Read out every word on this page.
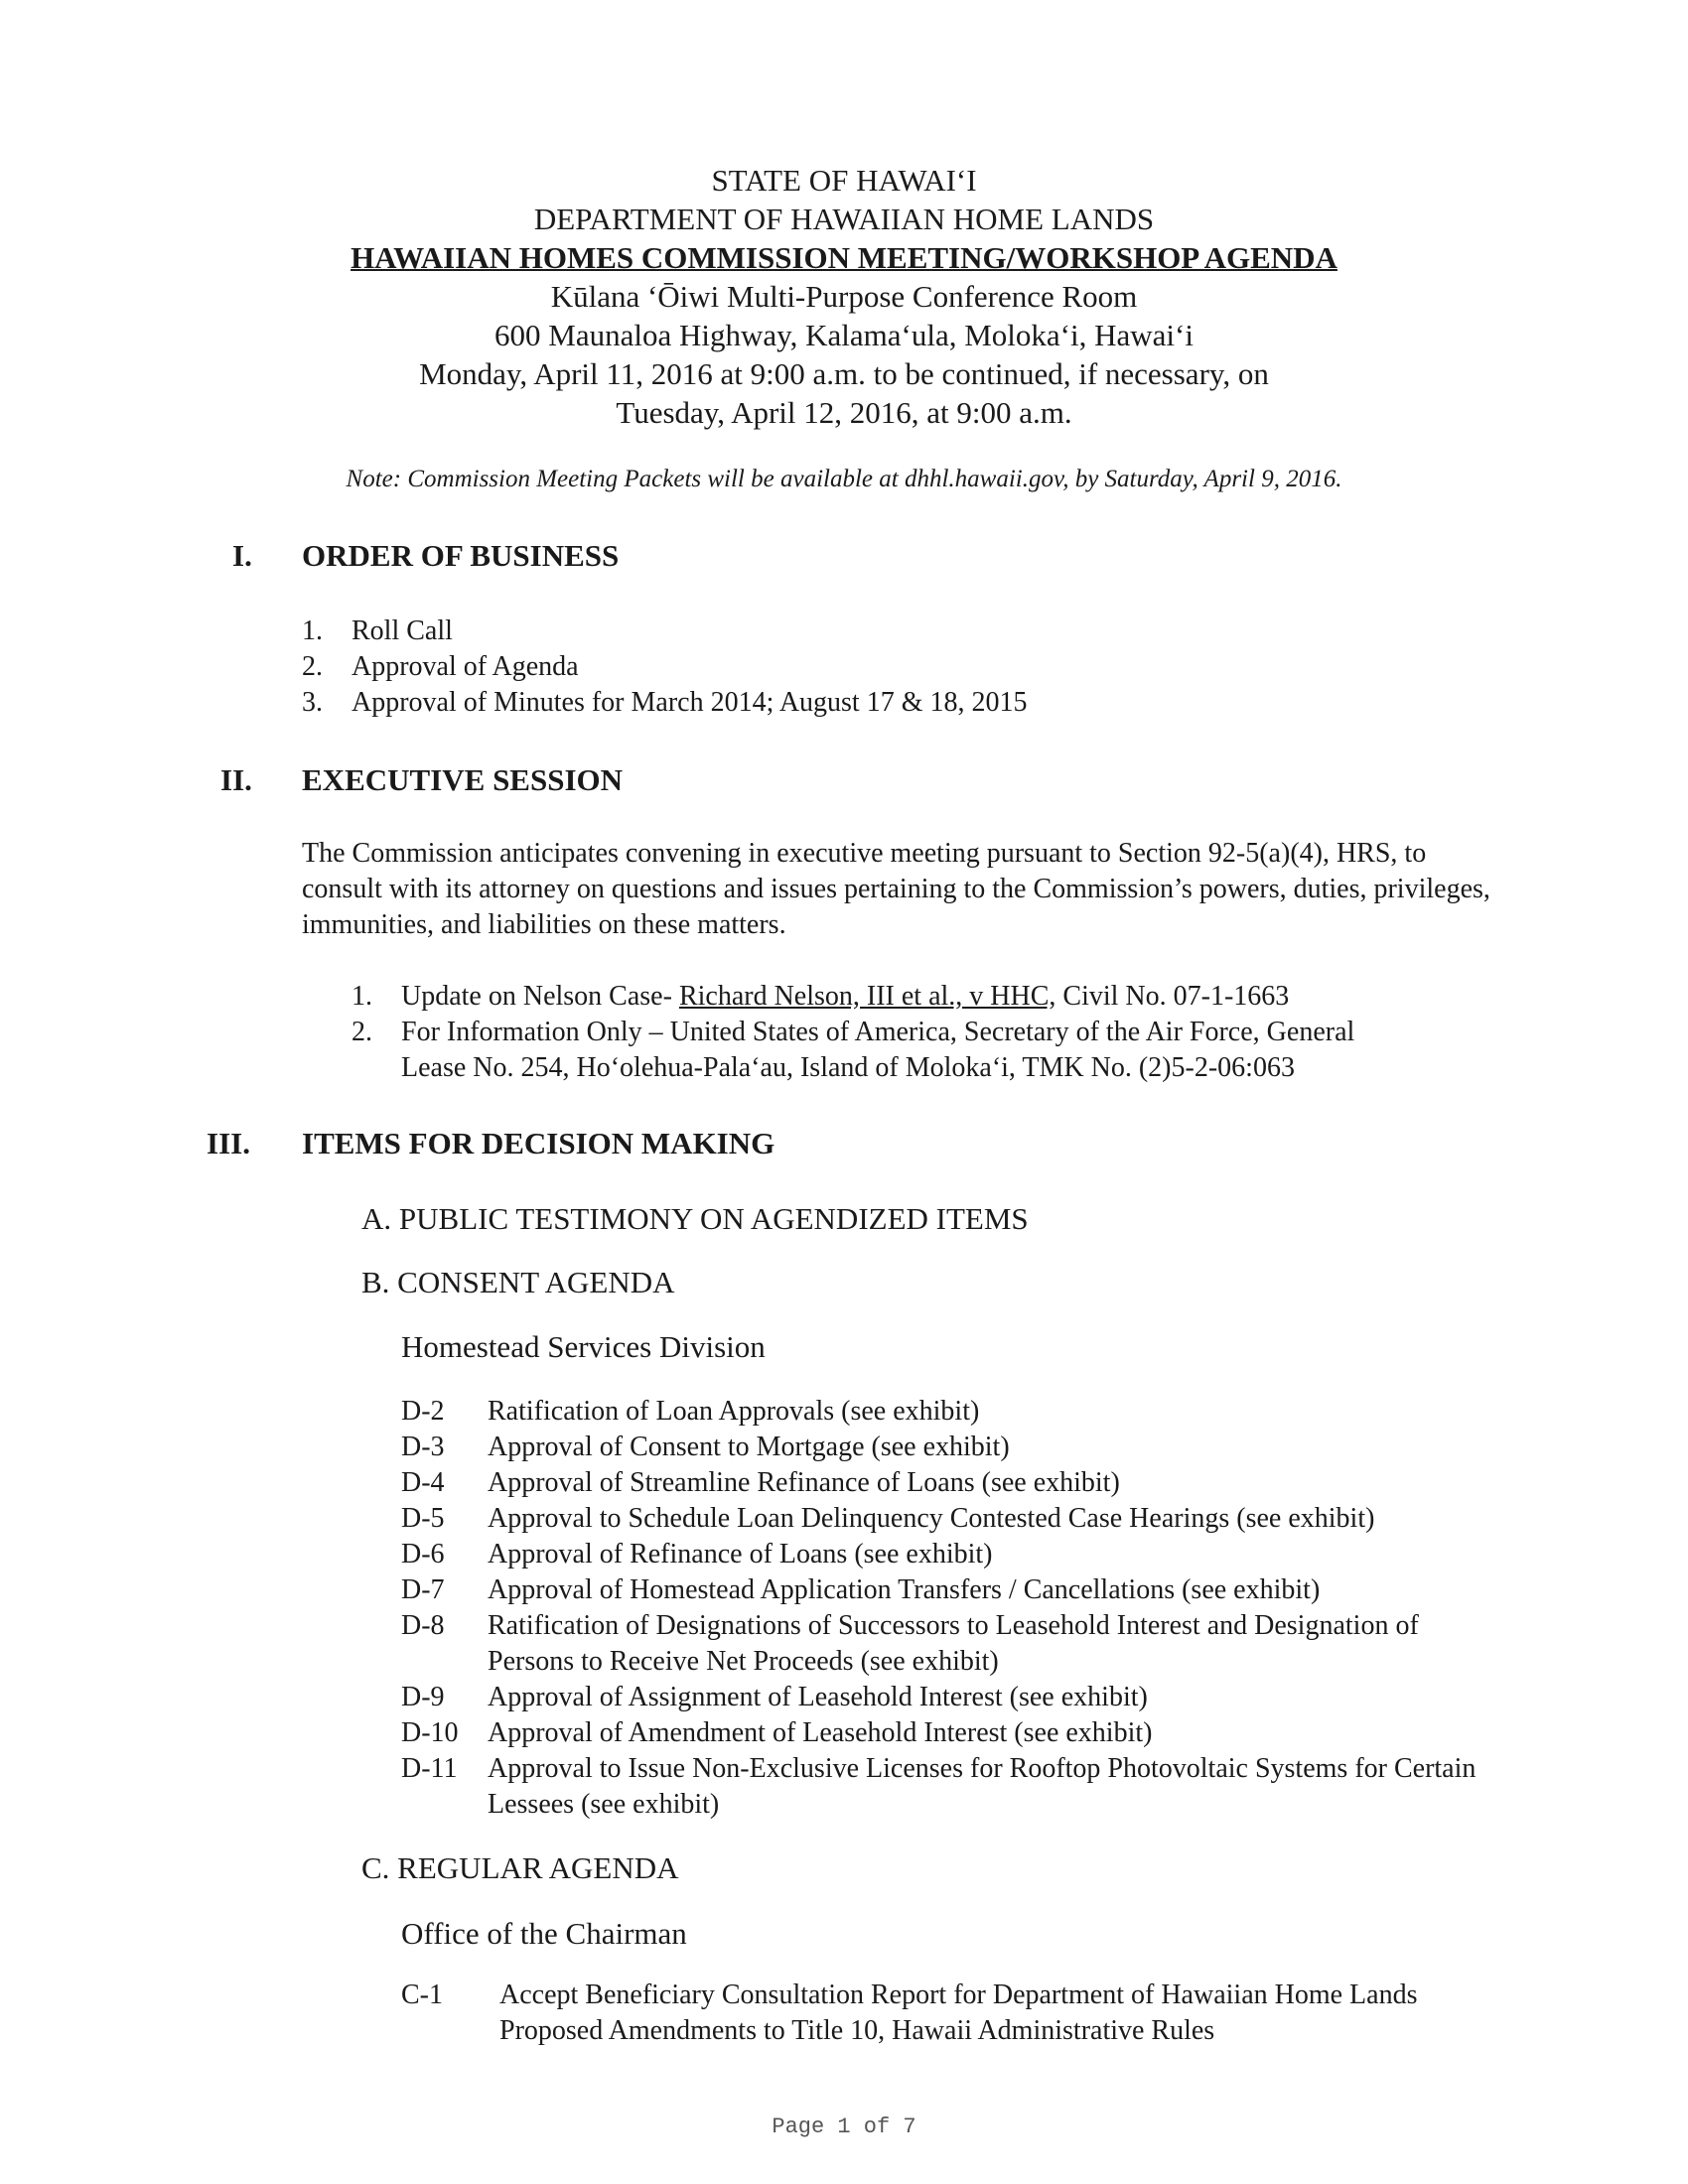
STATE OF HAWAI‘I
DEPARTMENT OF HAWAIIAN HOME LANDS
HAWAIIAN HOMES COMMISSION MEETING/WORKSHOP AGENDA
Kūlana ‘Ōiwi Multi-Purpose Conference Room
600 Maunaloa Highway, Kalama‘ula, Moloka‘i, Hawai‘i
Monday, April 11, 2016 at 9:00 a.m. to be continued, if necessary, on
Tuesday, April 12, 2016, at 9:00 a.m.
Note: Commission Meeting Packets will be available at dhhl.hawaii.gov, by Saturday, April 9, 2016.
I. ORDER OF BUSINESS
1. Roll Call
2. Approval of Agenda
3. Approval of Minutes for March 2014; August 17 & 18, 2015
II. EXECUTIVE SESSION
The Commission anticipates convening in executive meeting pursuant to Section 92-5(a)(4), HRS, to consult with its attorney on questions and issues pertaining to the Commission’s powers, duties, privileges, immunities, and liabilities on these matters.
1. Update on Nelson Case- Richard Nelson, III et al., v HHC, Civil No. 07-1-1663
2. For Information Only – United States of America, Secretary of the Air Force, General
Lease No. 254, Ho‘olehua-Pala‘au, Island of Moloka‘i, TMK No. (2)5-2-06:063
III. ITEMS FOR DECISION MAKING
A. PUBLIC TESTIMONY ON AGENDIZED ITEMS
B. CONSENT AGENDA
Homestead Services Division
D-2 Ratification of Loan Approvals (see exhibit)
D-3 Approval of Consent to Mortgage (see exhibit)
D-4 Approval of Streamline Refinance of Loans (see exhibit)
D-5 Approval to Schedule Loan Delinquency Contested Case Hearings (see exhibit)
D-6 Approval of Refinance of Loans (see exhibit)
D-7 Approval of Homestead Application Transfers / Cancellations (see exhibit)
D-8 Ratification of Designations of Successors to Leasehold Interest and Designation of Persons to Receive Net Proceeds (see exhibit)
D-9 Approval of Assignment of Leasehold Interest (see exhibit)
D-10 Approval of Amendment of Leasehold Interest (see exhibit)
D-11 Approval to Issue Non-Exclusive Licenses for Rooftop Photovoltaic Systems for Certain Lessees (see exhibit)
C. REGULAR AGENDA
Office of the Chairman
C-1 Accept Beneficiary Consultation Report for Department of Hawaiian Home Lands Proposed Amendments to Title 10, Hawaii Administrative Rules
Page 1 of 7
